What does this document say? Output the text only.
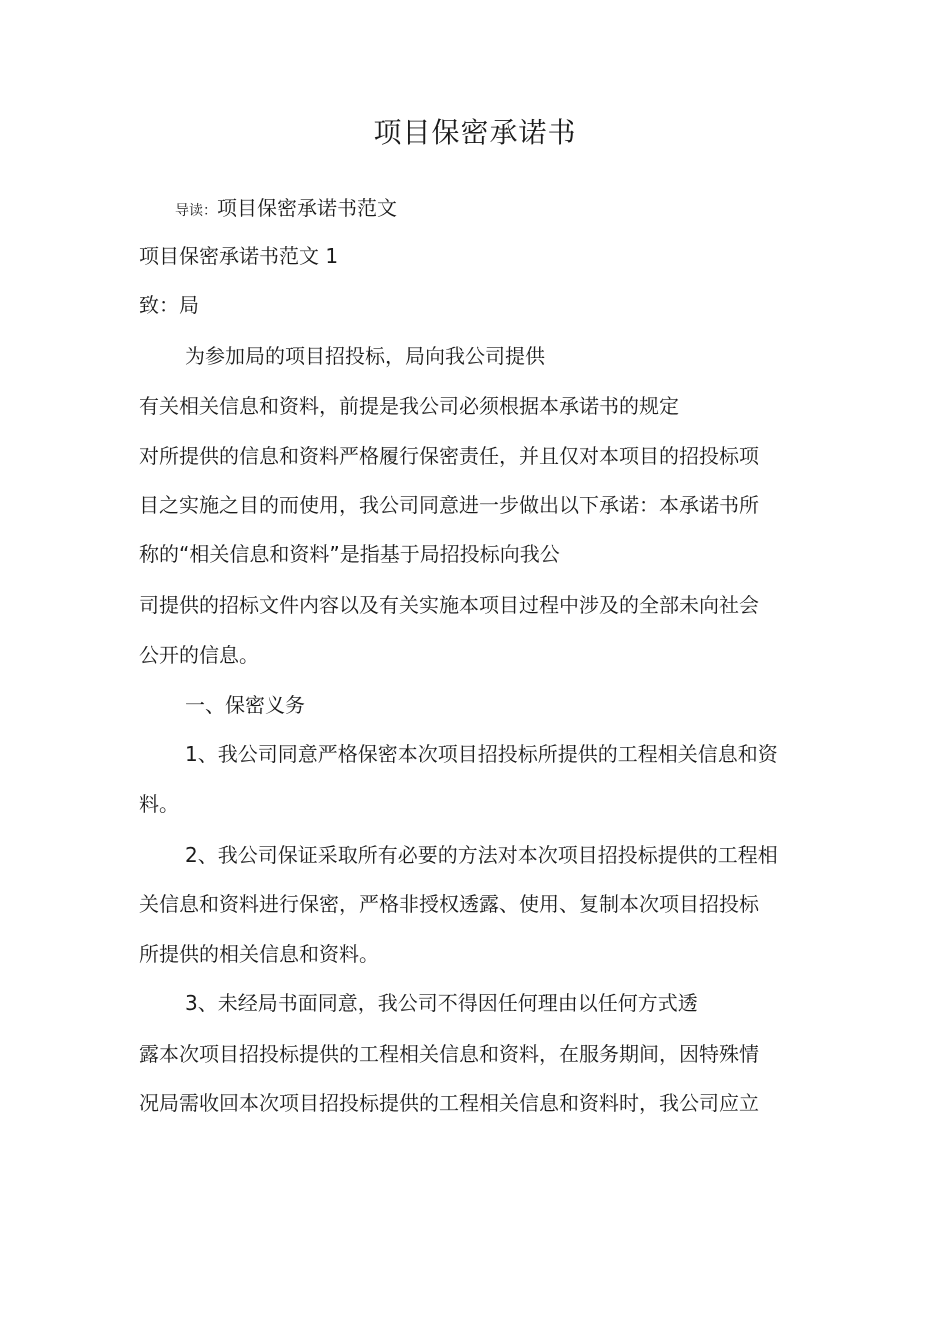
项目保密承诺书
导读：项目保密承诺书范文
项目保密承诺书范文 1
致：局
为参加局的项目招投标，局向我公司提供
有关相关信息和资料，前提是我公司必须根据本承诺书的规定
对所提供的信息和资料严格履行保密责任，并且仅对本项目的招投标项
目之实施之目的而使用，我公司同意进一步做出以下承诺：本承诺书所
称的“相关信息和资料”是指基于局招投标向我公
司提供的招标文件内容以及有关实施本项目过程中涉及的全部未向社会
公开的信息。
一、保密义务
1、我公司同意严格保密本次项目招投标所提供的工程相关信息和资
料。
2、我公司保证采取所有必要的方法对本次项目招投标提供的工程相
关信息和资料进行保密，严格非授权透露、使用、复制本次项目招投标
所提供的相关信息和资料。
3、未经局书面同意，我公司不得因任何理由以任何方式透
露本次项目招投标提供的工程相关信息和资料，在服务期间，因特殊情
况局需收回本次项目招投标提供的工程相关信息和资料时，我公司应立
